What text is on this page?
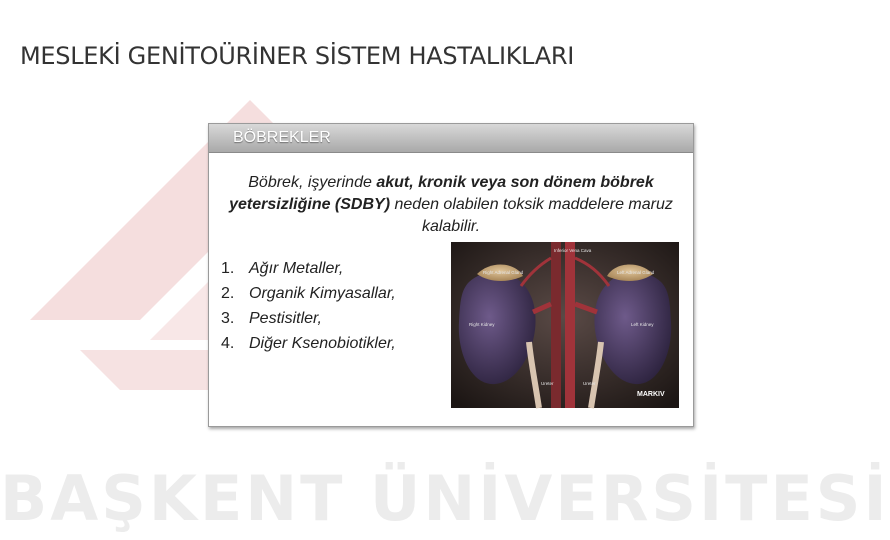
BAŞKENT ÜNİVERSİTESİ
MESLEKİ GENİTOÜRİNER SİSTEM HASTALIKLARI
BÖBREKLER
Böbrek, işyerinde akut, kronik veya son dönem böbrek yetersizliğine (SDBY) neden olabilen toksik maddelere maruz kalabilir.
1. Ağır Metaller,
2. Organik Kimyasallar,
3. Pestisitler,
4. Diğer Ksenobiotikler,
Inferior Vena Cava
Right Adrenal Gland	Left Adrenal Gland
Right Kidney	Left Kidney
Ureter	Ureter
MARKIV
